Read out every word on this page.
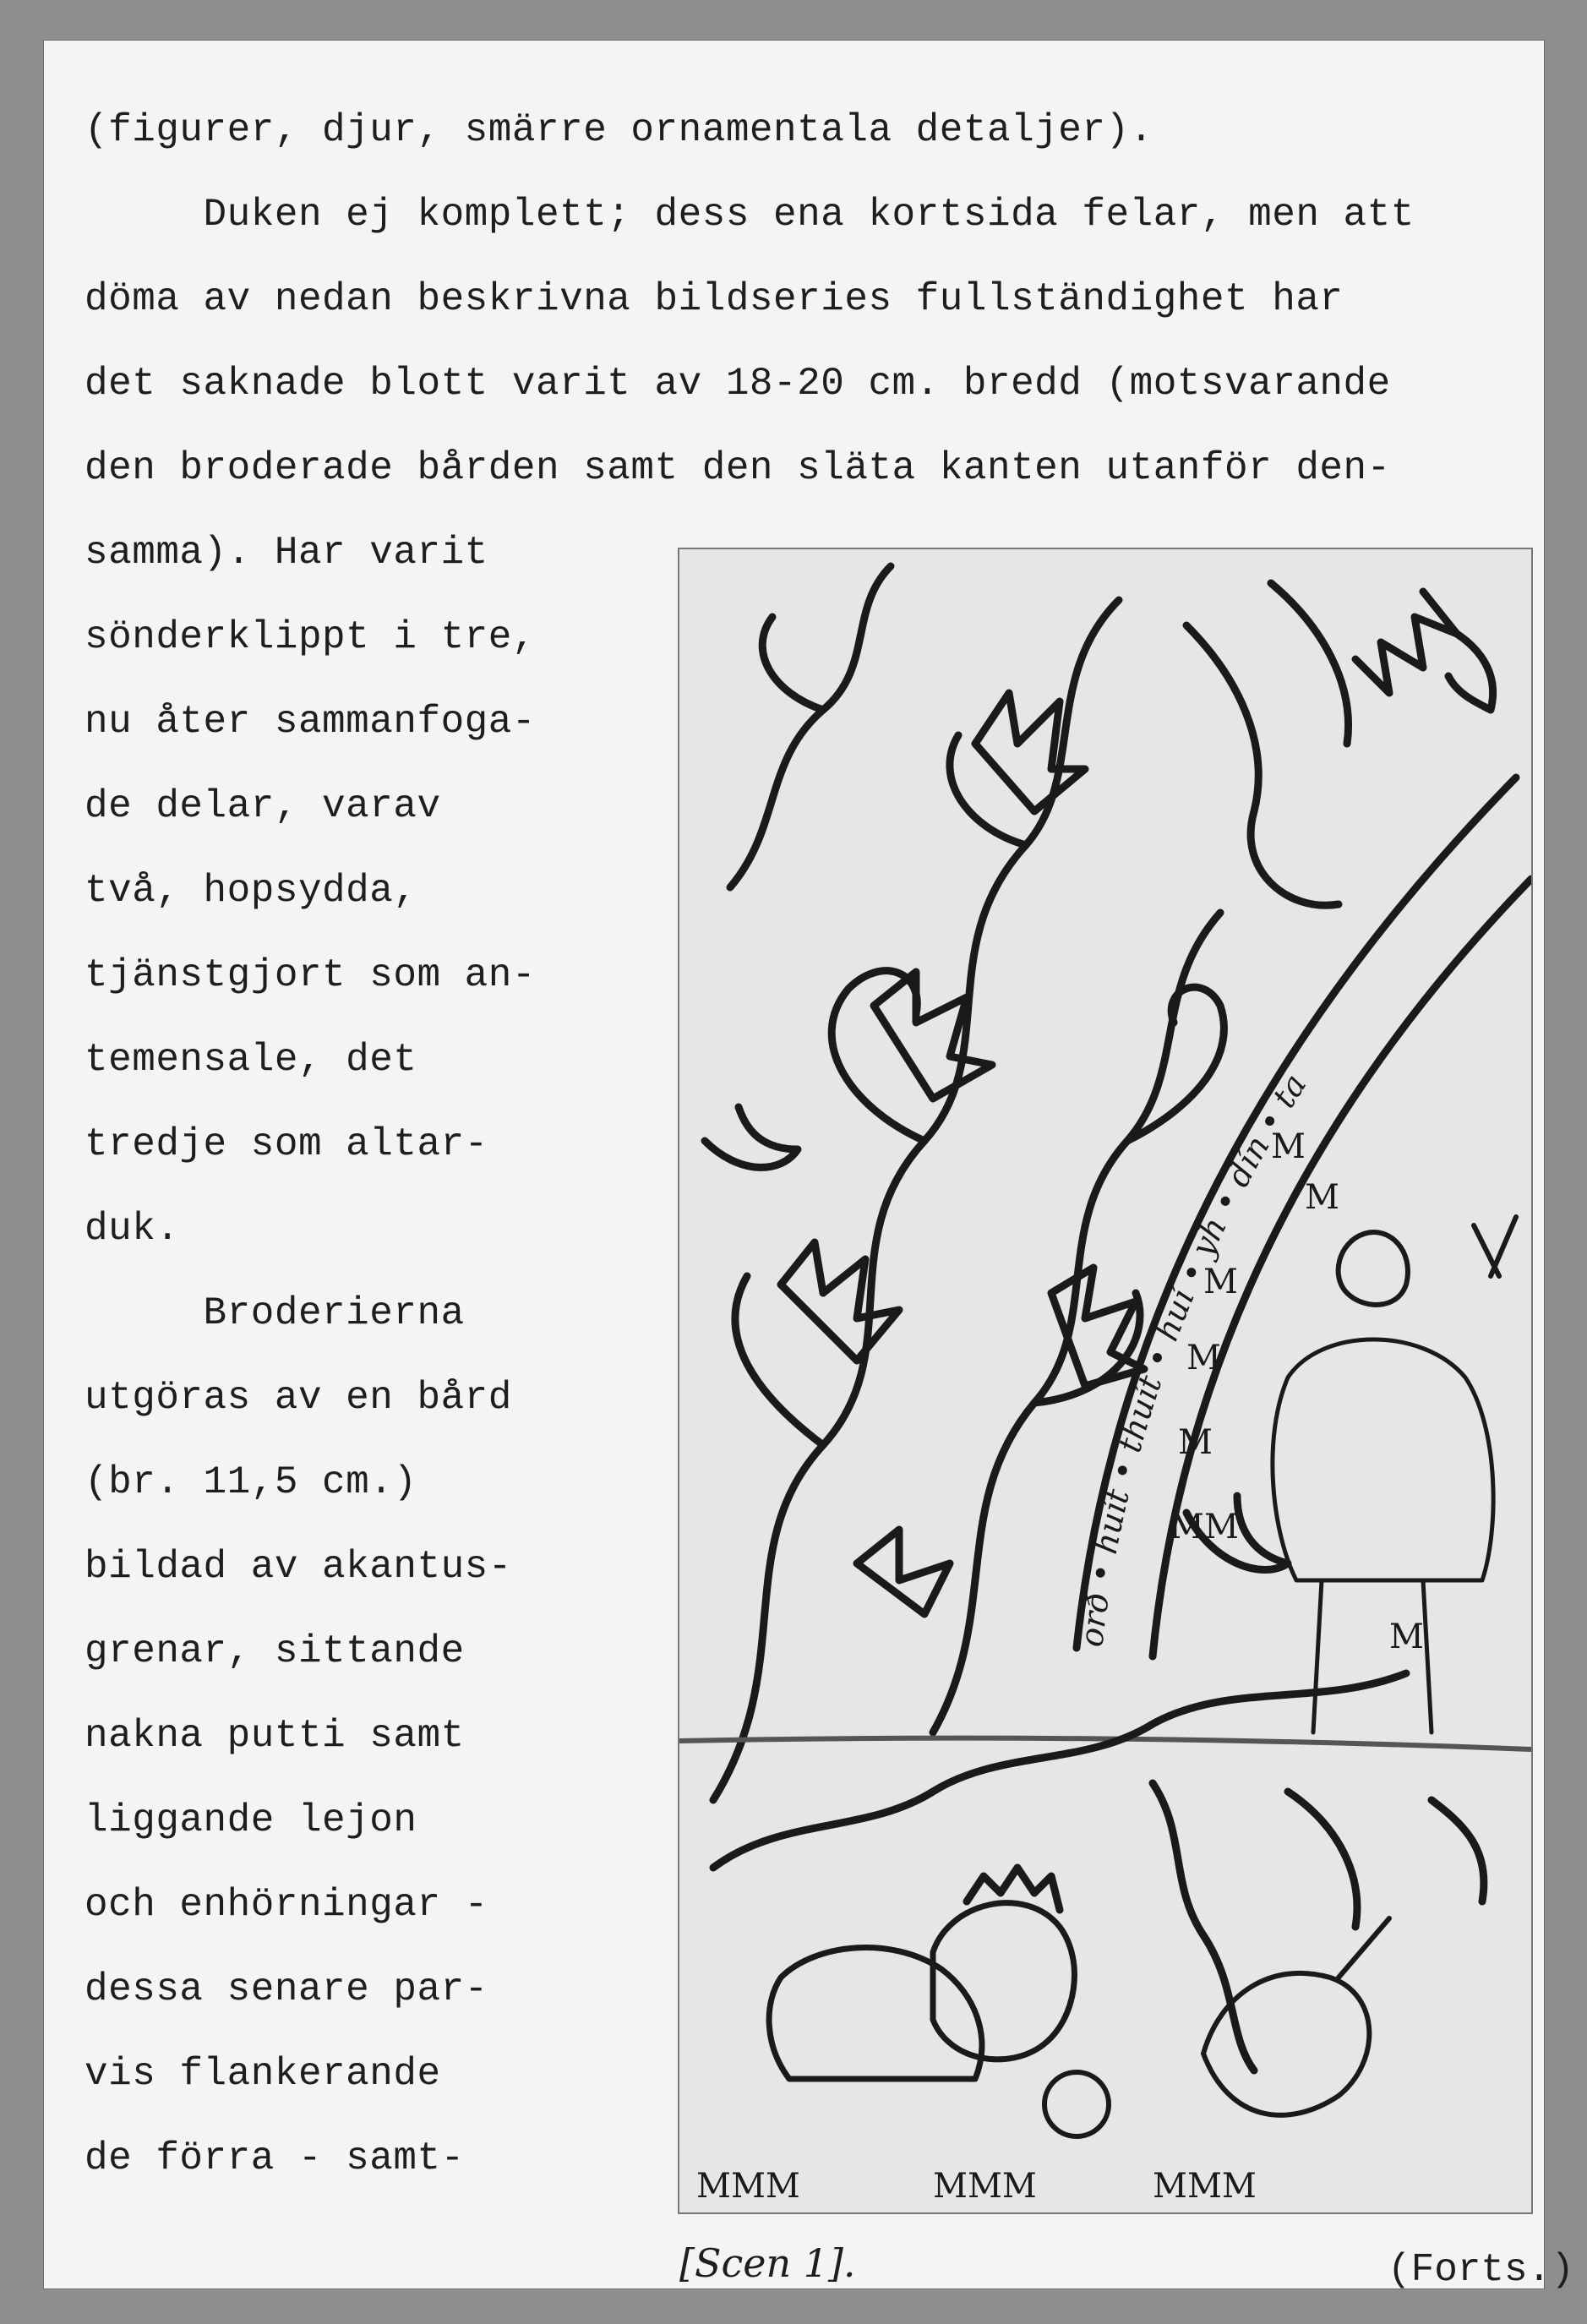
(figurer, djur, smärre ornamentala detaljer).
Duken ej komplett; dess ena kortsida felar, men att
döma av nedan beskrivna bildseries fullständighet har
det saknade blott varit av 18-20 cm. bredd (motsvarande
den broderade bården samt den släta kanten utanför den-
samma). Har varit
sönderklippt i tre,
nu åter sammanfoga-
de delar, varav
två, hopsydda,
tjänstgjort som an-
temensale, det
tredje som altar-
duk.
Broderierna
utgöras av en bård
(br. 11,5 cm.)
bildad av akantus-
grenar, sittande
nakna putti samt
liggande lejon
och enhörningar -
dessa senare par-
vis flankerande
de förra - samt-
M
M
M
M
M
MM
M
MMM	MMM	MMM
orð • huít • thuít • huí • yh • dín • ta
[Scen 1].	(Forts.)
